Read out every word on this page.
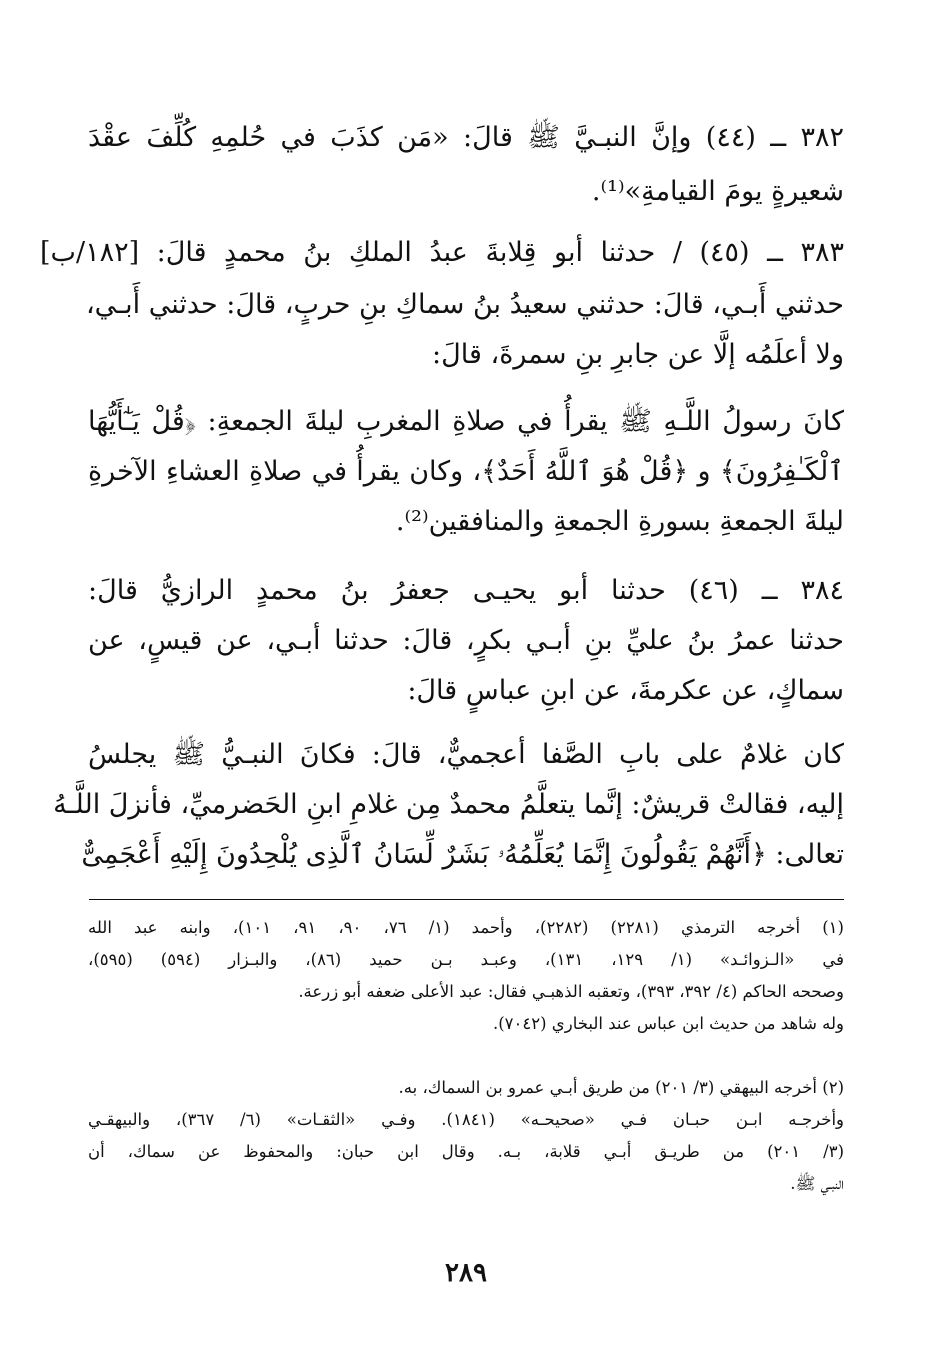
٣٨٢ ــ (٤٤) وإنَّ النبـيَّ ﷺ قالَ: «مَن كذَبَ في حُلمِهِ كُلِّفَ عقْدَ
شعيرةٍ يومَ القيامةِ»⁽¹⁾.
٣٨٣ ــ (٤٥) / حدثنا أبو قِلابةَ عبدُ الملكِ بنُ محمدٍ قالَ: [١٨٢/ب]
حدثني أَبـي، قالَ: حدثني سعيدُ بنُ سماكِ بنِ حربٍ، قالَ: حدثني أَبـي،
ولا أعلَمُه إلَّا عن جابرِ بنِ سمرةَ، قالَ:
كانَ رسولُ اللَّـهِ ﷺ يقرأُ في صلاةِ المغربِ ليلةَ الجمعةِ: ﴿قُلْ يَـٰٓأَيُّهَا
ٱلْكَـٰفِرُونَ﴾ و ﴿قُلْ هُوَ ٱللَّهُ أَحَدٌ﴾، وكان يقرأُ في صلاةِ العشاءِ الآخرةِ
ليلةَ الجمعةِ بسورةِ الجمعةِ والمنافقين⁽²⁾.
٣٨٤ ــ (٤٦) حدثنا أبو يحيـى جعفرُ بنُ محمدٍ الرازيُّ قالَ:
حدثنا عمرُ بنُ عليِّ بنِ أبـي بكرٍ، قالَ: حدثنا أبـي، عن قيسٍ، عن
سماكٍ، عن عكرمةَ، عن ابنِ عباسٍ قالَ:
كان غلامٌ على بابِ الصَّفا أعجميٌّ، قالَ: فكانَ النبـيُّ ﷺ يجلسُ
إليه، فقالتْ قريشٌ: إنَّما يتعلَّمُ محمدٌ مِن غلامِ ابنِ الحَضرميِّ، فأنزلَ اللَّـهُ
تعالى: ﴿أَنَّهُمْ يَقُولُونَ إِنَّمَا يُعَلِّمُهُۥ بَشَرٌ لِّسَانُ ٱلَّذِى يُلْحِدُونَ إِلَيْهِ أَعْجَمِىٌّ
(١) أخرجه الترمذي (٢٢٨١) (٢٢٨٢)، وأحمد (١/ ٧٦، ٩٠، ٩١، ١٠١)، وابنه عبد الله
في «الـزوائـد» (١/ ١٢٩، ١٣١)، وعبـد بـن حميد (٨٦)، والبـزار (٥٩٤) (٥٩٥)،
وصححه الحاكم (٤/ ٣٩٢، ٣٩٣)، وتعقبه الذهبـي فقال: عبد الأعلى ضعفه أبو زرعة.
وله شاهد من حديث ابن عباس عند البخاري (٧٠٤٢).
(٢) أخرجه البيهقي (٣/ ٢٠١) من طريق أبـي عمرو بن السماك، به.
وأخرجـه ابـن حبـان فـي «صحيحـه» (١٨٤١). وفـي «الثقـات» (٦/ ٣٦٧)، والبيهقـي
(٣/ ٢٠١) من طريـق أبـي قلابة، بـه. وقال ابن حبان: والمحفوظ عن سماك، أن
النبـي ﷺ.
٢٨٩
